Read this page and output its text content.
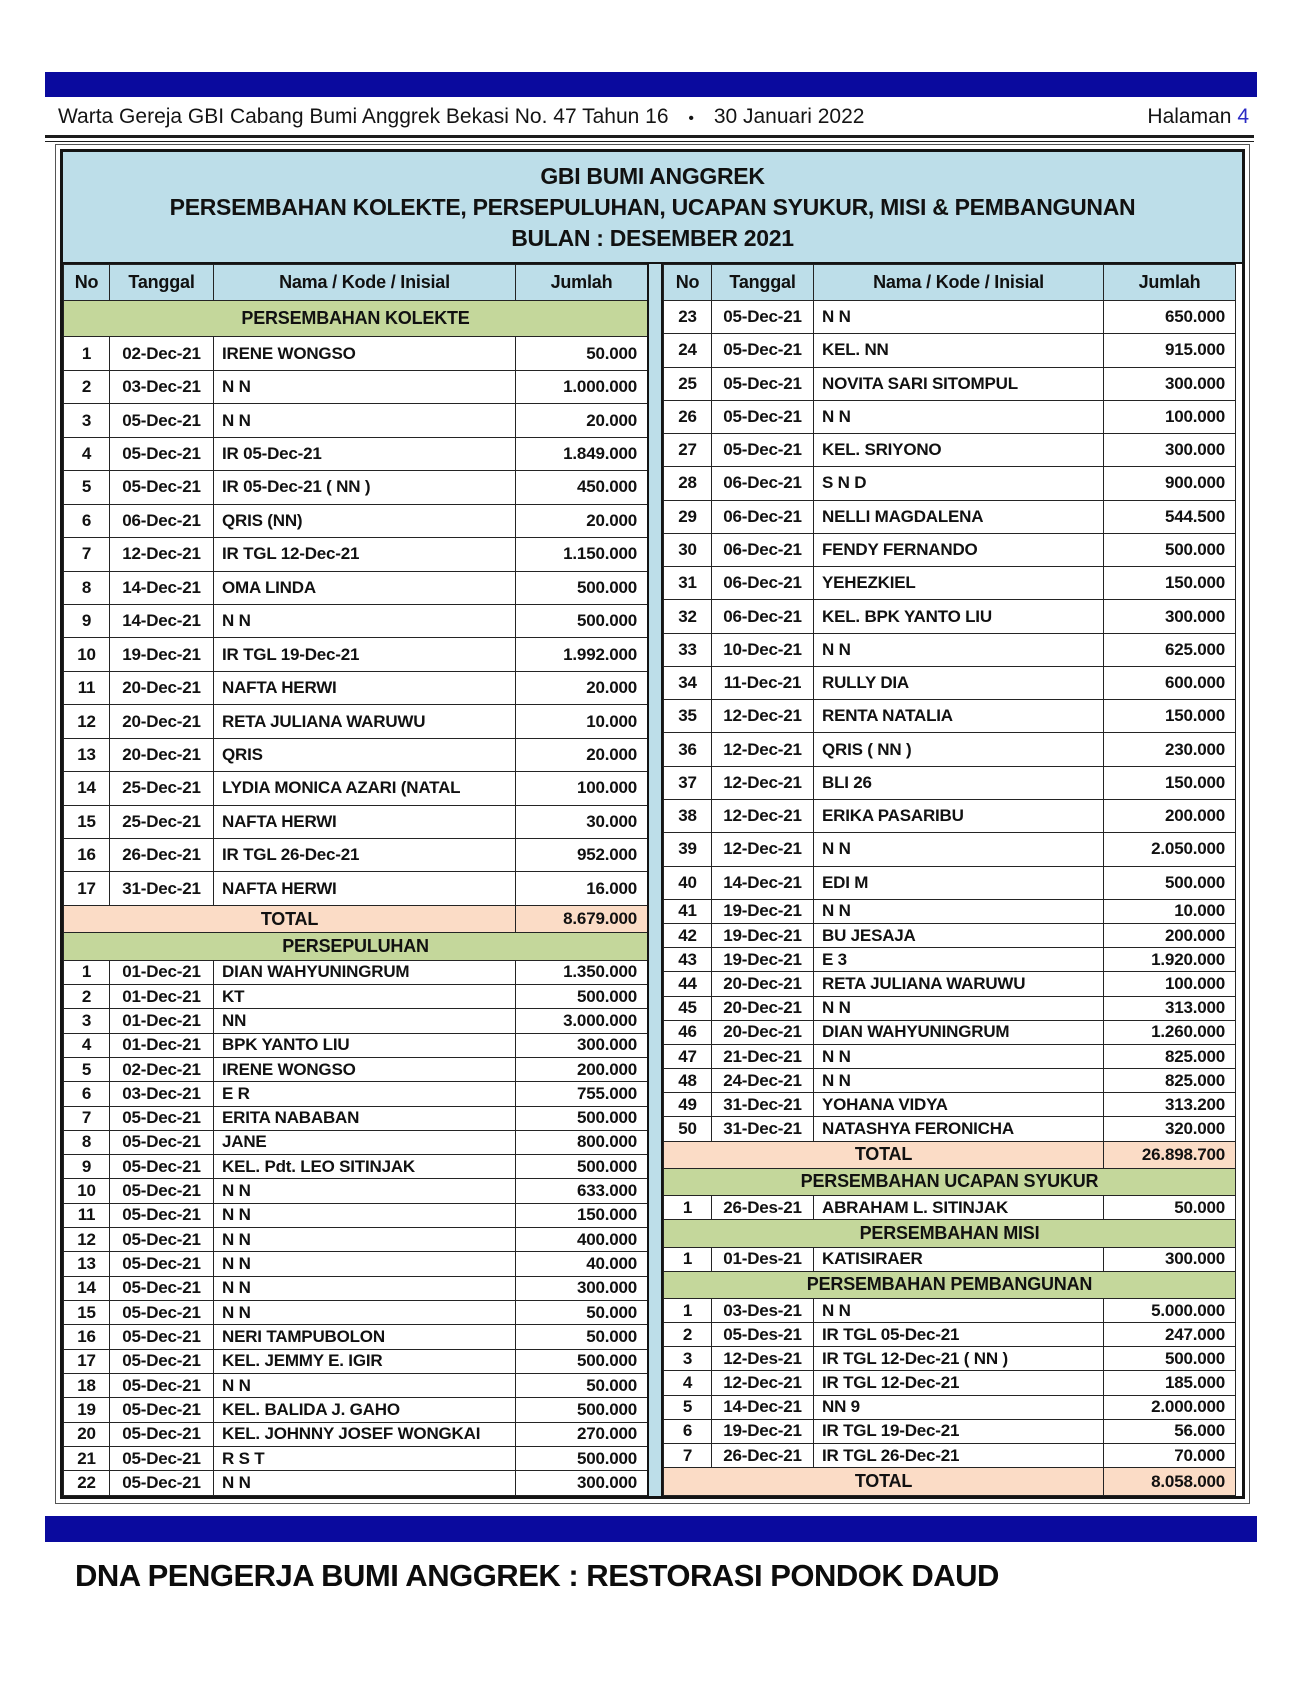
Warta Gereja GBI Cabang Bumi Anggrek Bekasi No. 47 Tahun 16 • 30 Januari 2022	Halaman 4
GBI BUMI ANGGREK
PERSEMBAHAN KOLEKTE, PERSEPULUHAN, UCAPAN SYUKUR, MISI & PEMBANGUNAN
BULAN : DESEMBER 2021
No	Tanggal	Nama / Kode / Inisial	Jumlah
PERSEMBAHAN KOLEKTE			
1	02-Dec-21	IRENE WONGSO	50.000
2	03-Dec-21	N N	1.000.000
3	05-Dec-21	N N	20.000
4	05-Dec-21	IR 05-Dec-21	1.849.000
5	05-Dec-21	IR 05-Dec-21 ( NN )	450.000
6	06-Dec-21	QRIS (NN)	20.000
7	12-Dec-21	IR TGL 12-Dec-21	1.150.000
8	14-Dec-21	OMA LINDA	500.000
9	14-Dec-21	N N	500.000
10	19-Dec-21	IR TGL 19-Dec-21	1.992.000
11	20-Dec-21	NAFTA HERWI	20.000
12	20-Dec-21	RETA JULIANA WARUWU	10.000
13	20-Dec-21	QRIS	20.000
14	25-Dec-21	LYDIA MONICA AZARI (NATAL	100.000
15	25-Dec-21	NAFTA HERWI	30.000
16	26-Dec-21	IR TGL 26-Dec-21	952.000
17	31-Dec-21	NAFTA HERWI	16.000
TOTAL			8.679.000
PERSEPULUHAN			
1	01-Dec-21	DIAN WAHYUNINGRUM	1.350.000
2	01-Dec-21	KT	500.000
3	01-Dec-21	NN	3.000.000
4	01-Dec-21	BPK YANTO LIU	300.000
5	02-Dec-21	IRENE WONGSO	200.000
6	03-Dec-21	E R	755.000
7	05-Dec-21	ERITA NABABAN	500.000
8	05-Dec-21	JANE	800.000
9	05-Dec-21	KEL. Pdt. LEO SITINJAK	500.000
10	05-Dec-21	N N	633.000
11	05-Dec-21	N N	150.000
12	05-Dec-21	N N	400.000
13	05-Dec-21	N N	40.000
14	05-Dec-21	N N	300.000
15	05-Dec-21	N N	50.000
16	05-Dec-21	NERI TAMPUBOLON	50.000
17	05-Dec-21	KEL. JEMMY E. IGIR	500.000
18	05-Dec-21	N N	50.000
19	05-Dec-21	KEL. BALIDA J. GAHO	500.000
20	05-Dec-21	KEL. JOHNNY JOSEF WONGKAI	270.000
21	05-Dec-21	R S T	500.000
22	05-Dec-21	N N	300.000
No	Tanggal	Nama / Kode / Inisial	Jumlah
23	05-Dec-21	N N	650.000
24	05-Dec-21	KEL. NN	915.000
25	05-Dec-21	NOVITA SARI SITOMPUL	300.000
26	05-Dec-21	N N	100.000
27	05-Dec-21	KEL. SRIYONO	300.000
28	06-Dec-21	S N D	900.000
29	06-Dec-21	NELLI MAGDALENA	544.500
30	06-Dec-21	FENDY FERNANDO	500.000
31	06-Dec-21	YEHEZKIEL	150.000
32	06-Dec-21	KEL. BPK YANTO LIU	300.000
33	10-Dec-21	N N	625.000
34	11-Dec-21	RULLY DIA	600.000
35	12-Dec-21	RENTA NATALIA	150.000
36	12-Dec-21	QRIS ( NN )	230.000
37	12-Dec-21	BLI 26	150.000
38	12-Dec-21	ERIKA PASARIBU	200.000
39	12-Dec-21	N N	2.050.000
40	14-Dec-21	EDI M	500.000
41	19-Dec-21	N N	10.000
42	19-Dec-21	BU JESAJA	200.000
43	19-Dec-21	E 3	1.920.000
44	20-Dec-21	RETA JULIANA WARUWU	100.000
45	20-Dec-21	N N	313.000
46	20-Dec-21	DIAN WAHYUNINGRUM	1.260.000
47	21-Dec-21	N N	825.000
48	24-Dec-21	N N	825.000
49	31-Dec-21	YOHANA VIDYA	313.200
50	31-Dec-21	NATASHYA FERONICHA	320.000
TOTAL			26.898.700
PERSEMBAHAN UCAPAN SYUKUR			
1	26-Des-21	ABRAHAM L. SITINJAK	50.000
PERSEMBAHAN MISI			
1	01-Des-21	KATISIRAER	300.000
PERSEMBAHAN PEMBANGUNAN			
1	03-Des-21	N N	5.000.000
2	05-Des-21	IR TGL 05-Dec-21	247.000
3	12-Des-21	IR TGL 12-Dec-21 ( NN )	500.000
4	12-Dec-21	IR TGL 12-Dec-21	185.000
5	14-Dec-21	NN 9	2.000.000
6	19-Dec-21	IR TGL 19-Dec-21	56.000
7	26-Dec-21	IR TGL 26-Dec-21	70.000
TOTAL			8.058.000
DNA PENGERJA BUMI ANGGREK : RESTORASI PONDOK DAUD
